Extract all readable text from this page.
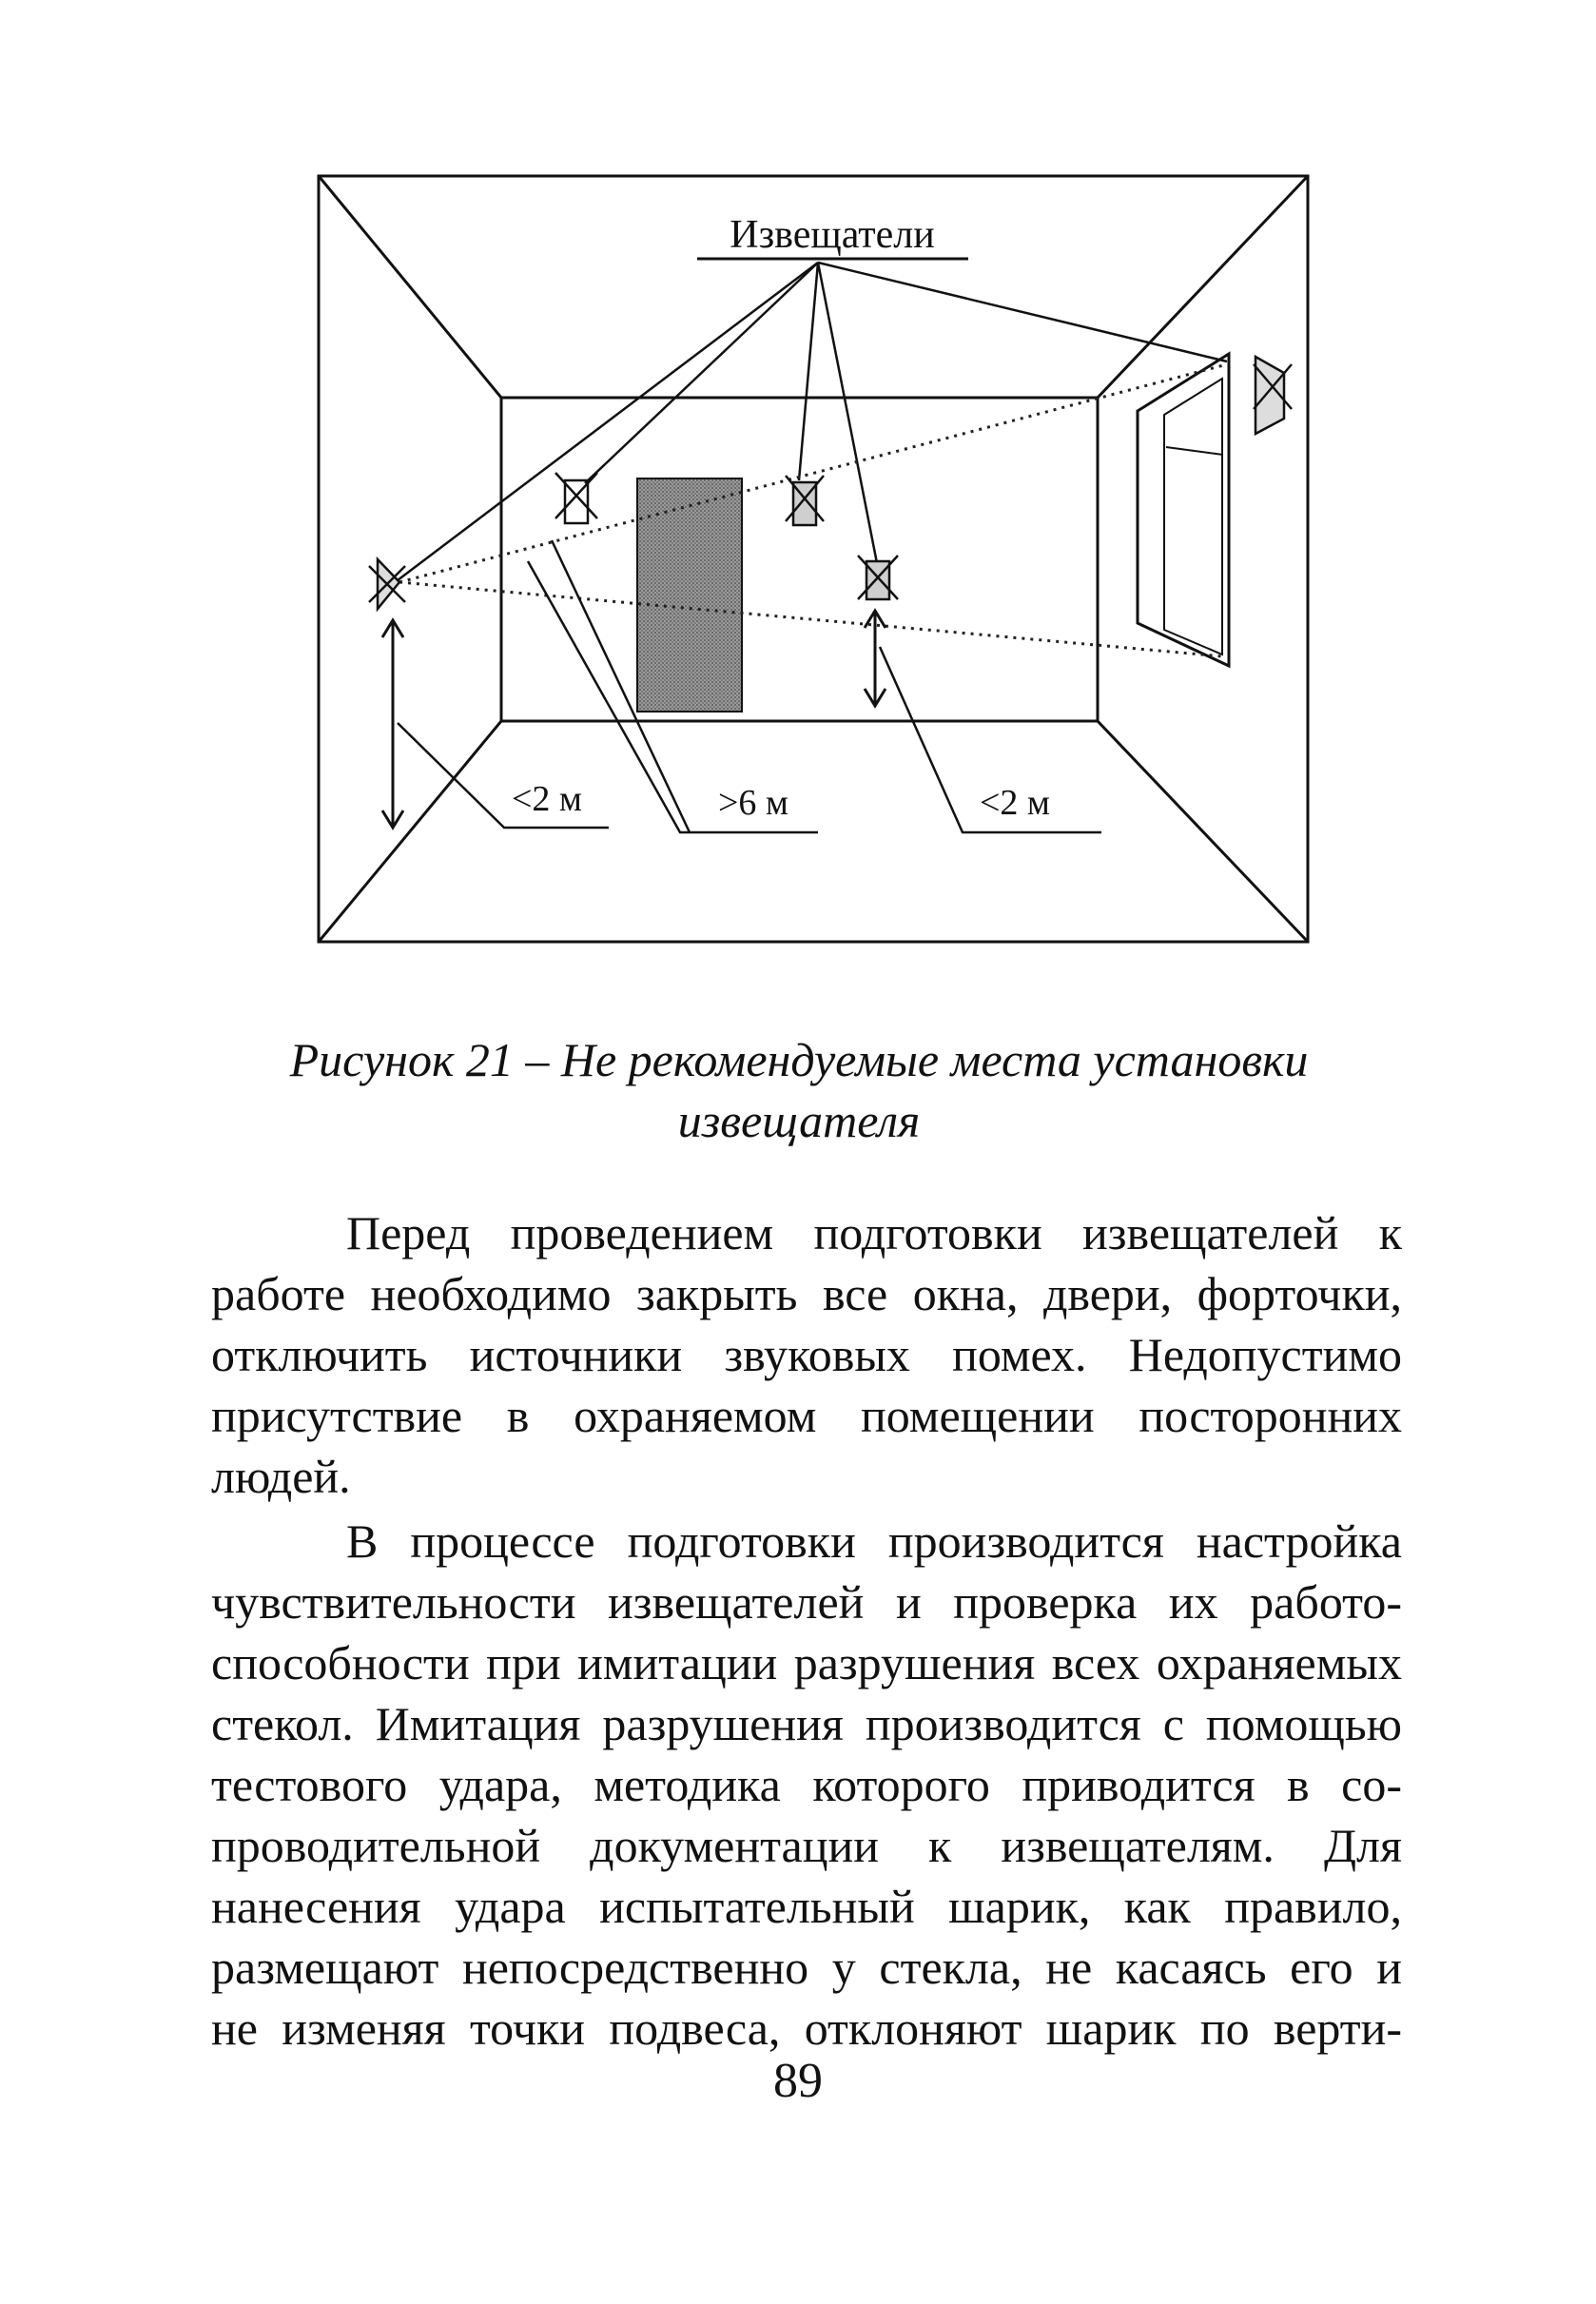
Извещатели
<2 м	>6 м	<2 м
Рисунок 21 – Не рекомендуемые места установки
извещателя
Перед проведением подготовки извещателей к
работе необходимо закрыть все окна, двери, форточки,
отключить источники звуковых помех. Недопустимо
присутствие в охраняемом помещении посторонних
людей.
В процессе подготовки производится настройка
чувствительности извещателей и проверка их работо-
способности при имитации разрушения всех охраняемых
стекол. Имитация разрушения производится с помощью
тестового удара, методика которого приводится в со-
проводительной документации к извещателям. Для
нанесения удара испытательный шарик, как правило,
размещают непосредственно у стекла, не касаясь его и
не изменяя точки подвеса, отклоняют шарик по верти-
89
